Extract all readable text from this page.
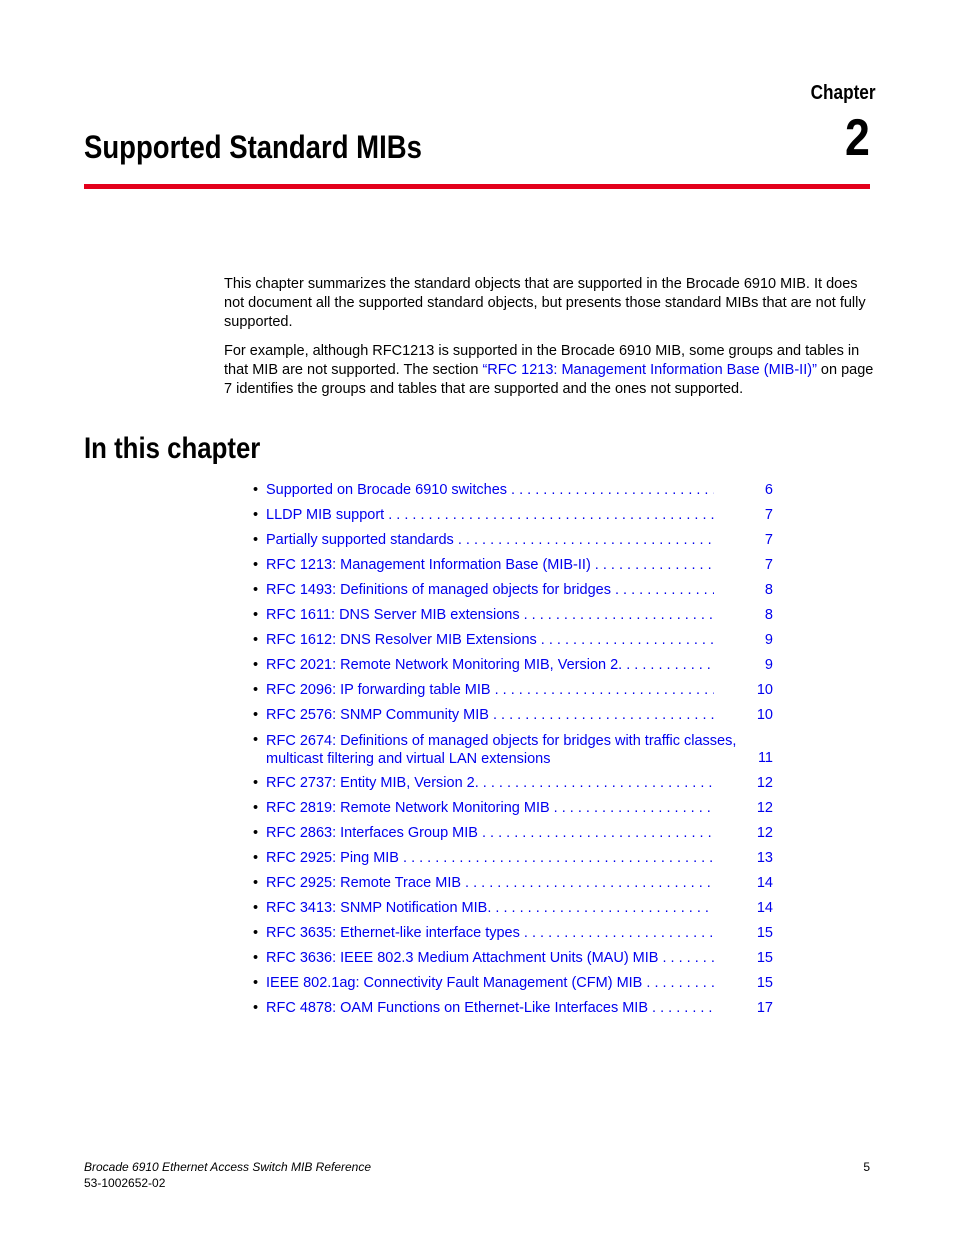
Chapter
2
Supported Standard MIBs

This chapter summarizes the standard objects that are supported in the Brocade 6910 MIB. It does not document all the supported standard objects, but presents those standard MIBs that are not fully supported.

For example, although RFC1213 is supported in the Brocade 6910 MIB, some groups and tables in that MIB are not supported. The section “RFC 1213: Management Information Base (MIB-II)” on page 7 identifies the groups and tables that are supported and the ones not supported.

In this chapter
• Supported on Brocade 6910 switches . . .	6
• LLDP MIB support . . .	7
• Partially supported standards . . .	7
• RFC 1213: Management Information Base (MIB-II) . . .	7
• RFC 1493: Definitions of managed objects for bridges . . .	8
• RFC 1611: DNS Server MIB extensions . . .	8
• RFC 1612: DNS Resolver MIB Extensions . . .	9
• RFC 2021: Remote Network Monitoring MIB, Version 2. . . .	9
• RFC 2096: IP forwarding table MIB . . .	10
• RFC 2576: SNMP Community MIB . . .	10
• RFC 2674: Definitions of managed objects for bridges with traffic classes, multicast filtering and virtual LAN extensions	11
• RFC 2737: Entity MIB, Version 2. . . .	12
• RFC 2819: Remote Network Monitoring MIB . . .	12
• RFC 2863: Interfaces Group MIB . . .	12
• RFC 2925: Ping MIB . . .	13
• RFC 2925: Remote Trace MIB . . .	14
• RFC 3413: SNMP Notification MIB. . . .	14
• RFC 3635: Ethernet-like interface types . . .	15
• RFC 3636: IEEE 802.3 Medium Attachment Units (MAU) MIB . . .	15
• IEEE 802.1ag: Connectivity Fault Management (CFM) MIB . . .	15
• RFC 4878: OAM Functions on Ethernet-Like Interfaces MIB . . .	17
Brocade 6910 Ethernet Access Switch MIB Reference
53-1002652-02
5
